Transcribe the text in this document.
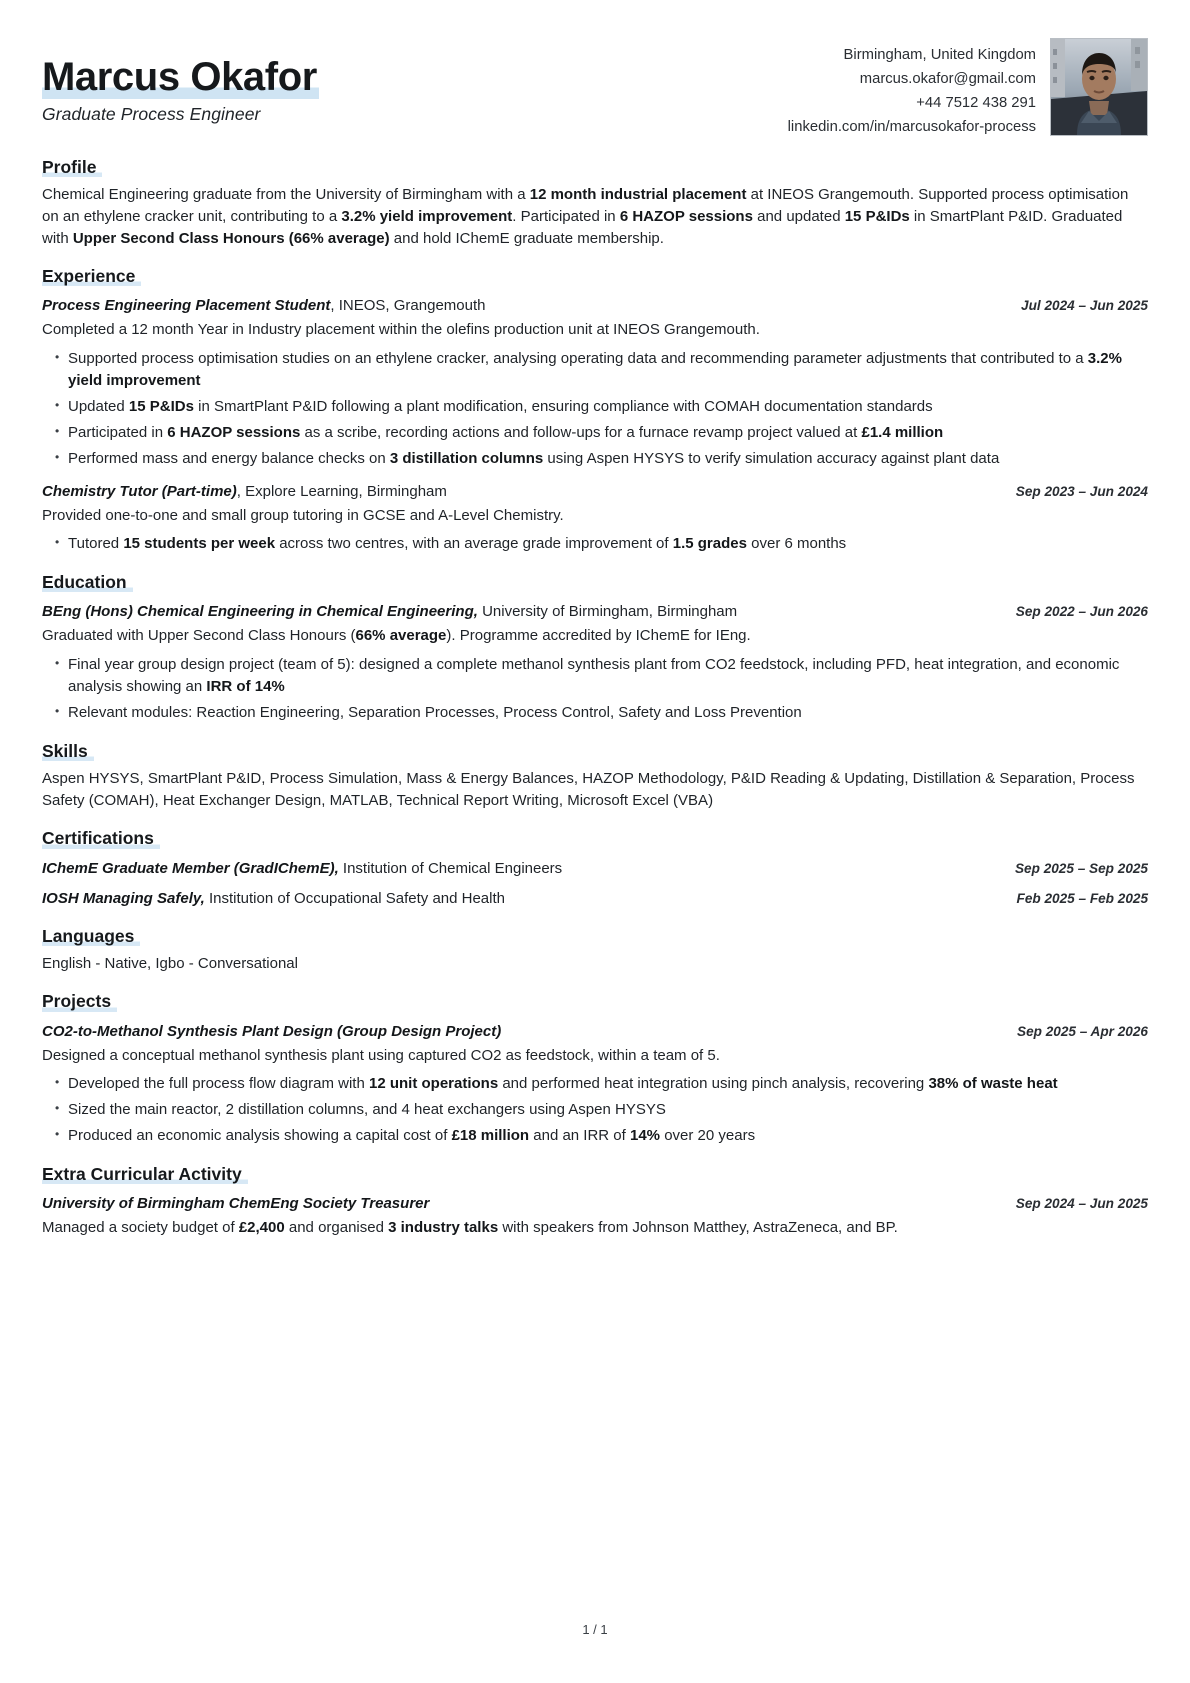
Marcus Okafor
Graduate Process Engineer
Birmingham, United Kingdom
marcus.okafor@gmail.com
+44 7512 438 291
linkedin.com/in/marcusokafor-process
Profile
Chemical Engineering graduate from the University of Birmingham with a 12 month industrial placement at INEOS Grangemouth. Supported process optimisation on an ethylene cracker unit, contributing to a 3.2% yield improvement. Participated in 6 HAZOP sessions and updated 15 P&IDs in SmartPlant P&ID. Graduated with Upper Second Class Honours (66% average) and hold IChemE graduate membership.
Experience
Process Engineering Placement Student, INEOS, Grangemouth	Jul 2024 – Jun 2025
Completed a 12 month Year in Industry placement within the olefins production unit at INEOS Grangemouth.
• Supported process optimisation studies on an ethylene cracker, analysing operating data and recommending parameter adjustments that contributed to a 3.2% yield improvement
• Updated 15 P&IDs in SmartPlant P&ID following a plant modification, ensuring compliance with COMAH documentation standards
• Participated in 6 HAZOP sessions as a scribe, recording actions and follow-ups for a furnace revamp project valued at £1.4 million
• Performed mass and energy balance checks on 3 distillation columns using Aspen HYSYS to verify simulation accuracy against plant data
Chemistry Tutor (Part-time), Explore Learning, Birmingham	Sep 2023 – Jun 2024
Provided one-to-one and small group tutoring in GCSE and A-Level Chemistry.
• Tutored 15 students per week across two centres, with an average grade improvement of 1.5 grades over 6 months
Education
BEng (Hons) Chemical Engineering in Chemical Engineering, University of Birmingham, Birmingham	Sep 2022 – Jun 2026
Graduated with Upper Second Class Honours (66% average). Programme accredited by IChemE for IEng.
• Final year group design project (team of 5): designed a complete methanol synthesis plant from CO2 feedstock, including PFD, heat integration, and economic analysis showing an IRR of 14%
• Relevant modules: Reaction Engineering, Separation Processes, Process Control, Safety and Loss Prevention
Skills
Aspen HYSYS, SmartPlant P&ID, Process Simulation, Mass & Energy Balances, HAZOP Methodology, P&ID Reading & Updating, Distillation & Separation, Process Safety (COMAH), Heat Exchanger Design, MATLAB, Technical Report Writing, Microsoft Excel (VBA)
Certifications
IChemE Graduate Member (GradIChemE), Institution of Chemical Engineers	Sep 2025 – Sep 2025
IOSH Managing Safely, Institution of Occupational Safety and Health	Feb 2025 – Feb 2025
Languages
English - Native, Igbo - Conversational
Projects
CO2-to-Methanol Synthesis Plant Design (Group Design Project)	Sep 2025 – Apr 2026
Designed a conceptual methanol synthesis plant using captured CO2 as feedstock, within a team of 5.
• Developed the full process flow diagram with 12 unit operations and performed heat integration using pinch analysis, recovering 38% of waste heat
• Sized the main reactor, 2 distillation columns, and 4 heat exchangers using Aspen HYSYS
• Produced an economic analysis showing a capital cost of £18 million and an IRR of 14% over 20 years
Extra Curricular Activity
University of Birmingham ChemEng Society Treasurer	Sep 2024 – Jun 2025
Managed a society budget of £2,400 and organised 3 industry talks with speakers from Johnson Matthey, AstraZeneca, and BP.
1 / 1
